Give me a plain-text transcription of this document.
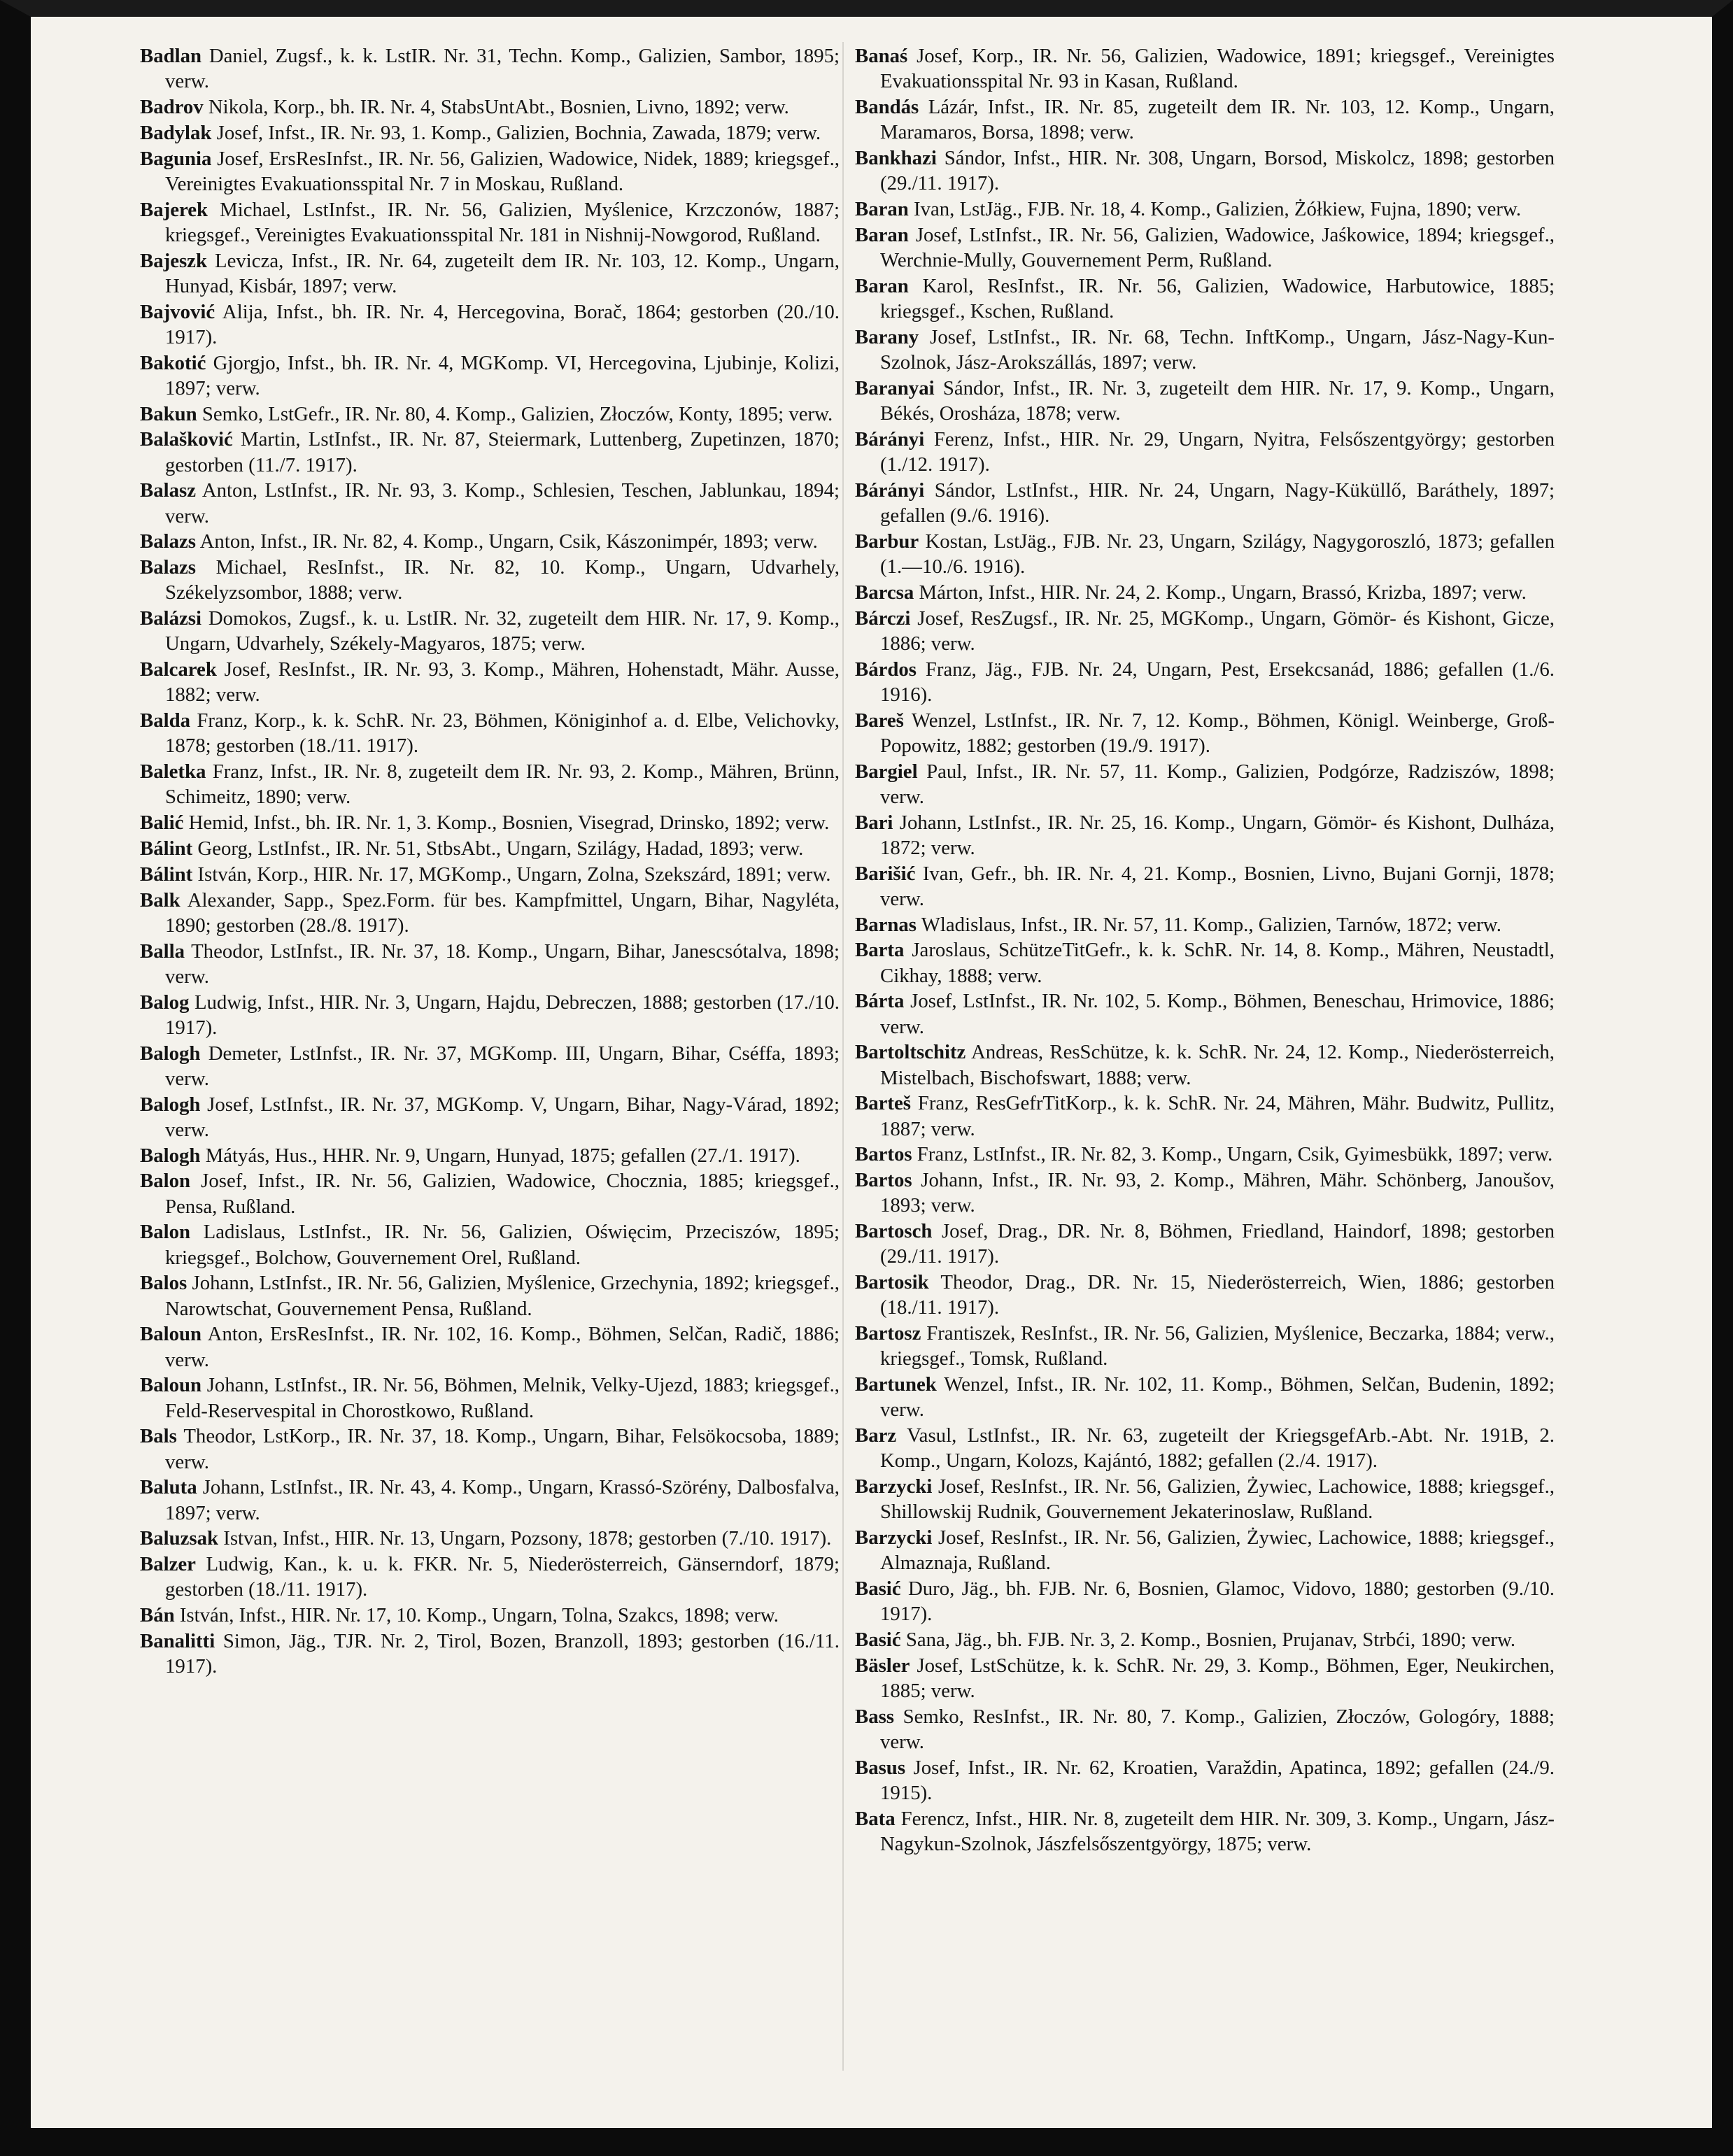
Badlan Daniel, Zugsf., k. k. LstIR. Nr. 31, Techn. Komp., Galizien, Sambor, 1895; verw.

Badrov Nikola, Korp., bh. IR. Nr. 4, StabsUntAbt., Bosnien, Livno, 1892; verw.

Badylak Josef, Infst., IR. Nr. 93, 1. Komp., Galizien, Bochnia, Zawada, 1879; verw.

Bagunia Josef, ErsResInfst., IR. Nr. 56, Galizien, Wadowice, Nidek, 1889; kriegsgef., Vereinigtes Evakuationsspital Nr. 7 in Moskau, Rußland.

Bajerek Michael, LstInfst., IR. Nr. 56, Galizien, Myślenice, Krzczonów, 1887; kriegsgef., Vereinigtes Evakuationsspital Nr. 181 in Nishnij-Nowgorod, Rußland.

Bajeszk Levicza, Infst., IR. Nr. 64, zugeteilt dem IR. Nr. 103, 12. Komp., Ungarn, Hunyad, Kisbár, 1897; verw.

Bajvović Alija, Infst., bh. IR. Nr. 4, Hercegovina, Borač, 1864; gestorben (20./10. 1917).

Bakotić Gjorgjo, Infst., bh. IR. Nr. 4, MGKomp. VI, Hercegovina, Ljubinje, Kolizi, 1897; verw.

Bakun Semko, LstGefr., IR. Nr. 80, 4. Komp., Galizien, Złoczów, Konty, 1895; verw.

Balašković Martin, LstInfst., IR. Nr. 87, Steiermark, Luttenberg, Zupetinzen, 1870; gestorben (11./7. 1917).

Balasz Anton, LstInfst., IR. Nr. 93, 3. Komp., Schlesien, Teschen, Jablunkau, 1894; verw.

Balazs Anton, Infst., IR. Nr. 82, 4. Komp., Ungarn, Csik, Kászonimpér, 1893; verw.

Balazs Michael, ResInfst., IR. Nr. 82, 10. Komp., Ungarn, Udvarhely, Székelyzsombor, 1888; verw.

Balázsi Domokos, Zugsf., k. u. LstIR. Nr. 32, zugeteilt dem HIR. Nr. 17, 9. Komp., Ungarn, Udvarhely, Székely-Magyaros, 1875; verw.

Balcarek Josef, ResInfst., IR. Nr. 93, 3. Komp., Mähren, Hohenstadt, Mähr. Ausse, 1882; verw.

Balda Franz, Korp., k. k. SchR. Nr. 23, Böhmen, Königinhof a. d. Elbe, Velichovky, 1878; gestorben (18./11. 1917).

Baletka Franz, Infst., IR. Nr. 8, zugeteilt dem IR. Nr. 93, 2. Komp., Mähren, Brünn, Schimeitz, 1890; verw.

Balić Hemid, Infst., bh. IR. Nr. 1, 3. Komp., Bosnien, Visegrad, Drinsko, 1892; verw.

Bálint Georg, LstInfst., IR. Nr. 51, StbsAbt., Ungarn, Szilágy, Hadad, 1893; verw.

Bálint István, Korp., HIR. Nr. 17, MGKomp., Ungarn, Zolna, Szekszárd, 1891; verw.

Balk Alexander, Sapp., Spez.Form. für bes. Kampfmittel, Ungarn, Bihar, Nagyléta, 1890; gestorben (28./8. 1917).

Balla Theodor, LstInfst., IR. Nr. 37, 18. Komp., Ungarn, Bihar, Janescsótalva, 1898; verw.

Balog Ludwig, Infst., HIR. Nr. 3, Ungarn, Hajdu, Debreczen, 1888; gestorben (17./10. 1917).

Balogh Demeter, LstInfst., IR. Nr. 37, MGKomp. III, Ungarn, Bihar, Cséffa, 1893; verw.

Balogh Josef, LstInfst., IR. Nr. 37, MGKomp. V, Ungarn, Bihar, Nagy-Várad, 1892; verw.

Balogh Mátyás, Hus., HHR. Nr. 9, Ungarn, Hunyad, 1875; gefallen (27./1. 1917).

Balon Josef, Infst., IR. Nr. 56, Galizien, Wadowice, Chocznia, 1885; kriegsgef., Pensa, Rußland.

Balon Ladislaus, LstInfst., IR. Nr. 56, Galizien, Oświęcim, Przeciszów, 1895; kriegsgef., Bolchow, Gouvernement Orel, Rußland.

Balos Johann, LstInfst., IR. Nr. 56, Galizien, Myślenice, Grzechynia, 1892; kriegsgef., Narowtschat, Gouvernement Pensa, Rußland.

Baloun Anton, ErsResInfst., IR. Nr. 102, 16. Komp., Böhmen, Selčan, Radič, 1886; verw.

Baloun Johann, LstInfst., IR. Nr. 56, Böhmen, Melnik, Velky-Ujezd, 1883; kriegsgef., Feld-Reservespital in Chorostkowo, Rußland.

Bals Theodor, LstKorp., IR. Nr. 37, 18. Komp., Ungarn, Bihar, Felsökocsoba, 1889; verw.

Baluta Johann, LstInfst., IR. Nr. 43, 4. Komp., Ungarn, Krassó-Szörény, Dalbosfalva, 1897; verw.

Baluzsak Istvan, Infst., HIR. Nr. 13, Ungarn, Pozsony, 1878; gestorben (7./10. 1917).

Balzer Ludwig, Kan., k. u. k. FKR. Nr. 5, Niederösterreich, Gänserndorf, 1879; gestorben (18./11. 1917).

Bán István, Infst., HIR. Nr. 17, 10. Komp., Ungarn, Tolna, Szakcs, 1898; verw.

Banalitti Simon, Jäg., TJR. Nr. 2, Tirol, Bozen, Branzoll, 1893; gestorben (16./11. 1917).

Banaś Josef, Korp., IR. Nr. 56, Galizien, Wadowice, 1891; kriegsgef., Vereinigtes Evakuationsspital Nr. 93 in Kasan, Rußland.

Bandás Lázár, Infst., IR. Nr. 85, zugeteilt dem IR. Nr. 103, 12. Komp., Ungarn, Maramaros, Borsa, 1898; verw.

Bankhazi Sándor, Infst., HIR. Nr. 308, Ungarn, Borsod, Miskolcz, 1898; gestorben (29./11. 1917).

Baran Ivan, LstJäg., FJB. Nr. 18, 4. Komp., Galizien, Żółkiew, Fujna, 1890; verw.

Baran Josef, LstInfst., IR. Nr. 56, Galizien, Wadowice, Jaśkowice, 1894; kriegsgef., Werchnie-Mully, Gouvernement Perm, Rußland.

Baran Karol, ResInfst., IR. Nr. 56, Galizien, Wadowice, Harbutowice, 1885; kriegsgef., Kschen, Rußland.

Barany Josef, LstInfst., IR. Nr. 68, Techn. InftKomp., Ungarn, Jász-Nagy-Kun-Szolnok, Jász-Arokszállás, 1897; verw.

Baranyai Sándor, Infst., IR. Nr. 3, zugeteilt dem HIR. Nr. 17, 9. Komp., Ungarn, Békés, Orosháza, 1878; verw.

Bárányi Ferenz, Infst., HIR. Nr. 29, Ungarn, Nyitra, Felsőszentgyörgy; gestorben (1./12. 1917).

Bárányi Sándor, LstInfst., HIR. Nr. 24, Ungarn, Nagy-Küküllő, Baráthely, 1897; gefallen (9./6. 1916).

Barbur Kostan, LstJäg., FJB. Nr. 23, Ungarn, Szilágy, Nagygoroszló, 1873; gefallen (1.—10./6. 1916).

Barcsa Márton, Infst., HIR. Nr. 24, 2. Komp., Ungarn, Brassó, Krizba, 1897; verw.

Bárczi Josef, ResZugsf., IR. Nr. 25, MGKomp., Ungarn, Gömör- és Kishont, Gicze, 1886; verw.

Bárdos Franz, Jäg., FJB. Nr. 24, Ungarn, Pest, Ersekcsanád, 1886; gefallen (1./6. 1916).

Bareš Wenzel, LstInfst., IR. Nr. 7, 12. Komp., Böhmen, Königl. Weinberge, Groß-Popowitz, 1882; gestorben (19./9. 1917).

Bargiel Paul, Infst., IR. Nr. 57, 11. Komp., Galizien, Podgórze, Radziszów, 1898; verw.

Bari Johann, LstInfst., IR. Nr. 25, 16. Komp., Ungarn, Gömör- és Kishont, Dulháza, 1872; verw.

Barišić Ivan, Gefr., bh. IR. Nr. 4, 21. Komp., Bosnien, Livno, Bujani Gornji, 1878; verw.

Barnas Wladislaus, Infst., IR. Nr. 57, 11. Komp., Galizien, Tarnów, 1872; verw.

Barta Jaroslaus, SchützeTitGefr., k. k. SchR. Nr. 14, 8. Komp., Mähren, Neustadtl, Cikhay, 1888; verw.

Bárta Josef, LstInfst., IR. Nr. 102, 5. Komp., Böhmen, Beneschau, Hrimovice, 1886; verw.

Bartoltschitz Andreas, ResSchütze, k. k. SchR. Nr. 24, 12. Komp., Niederösterreich, Mistelbach, Bischofswart, 1888; verw.

Barteš Franz, ResGefrTitKorp., k. k. SchR. Nr. 24, Mähren, Mähr. Budwitz, Pullitz, 1887; verw.

Bartos Franz, LstInfst., IR. Nr. 82, 3. Komp., Ungarn, Csik, Gyimesbükk, 1897; verw.

Bartos Johann, Infst., IR. Nr. 93, 2. Komp., Mähren, Mähr. Schönberg, Janoušov, 1893; verw.

Bartosch Josef, Drag., DR. Nr. 8, Böhmen, Friedland, Haindorf, 1898; gestorben (29./11. 1917).

Bartosik Theodor, Drag., DR. Nr. 15, Niederösterreich, Wien, 1886; gestorben (18./11. 1917).

Bartosz Frantiszek, ResInfst., IR. Nr. 56, Galizien, Myślenice, Beczarka, 1884; verw., kriegsgef., Tomsk, Rußland.

Bartunek Wenzel, Infst., IR. Nr. 102, 11. Komp., Böhmen, Selčan, Budenin, 1892; verw.

Barz Vasul, LstInfst., IR. Nr. 63, zugeteilt der KriegsgefArb.-Abt. Nr. 191B, 2. Komp., Ungarn, Kolozs, Kajántó, 1882; gefallen (2./4. 1917).

Barzycki Josef, ResInfst., IR. Nr. 56, Galizien, Żywiec, Lachowice, 1888; kriegsgef., Shillowskij Rudnik, Gouvernement Jekaterinoslaw, Rußland.

Barzycki Josef, ResInfst., IR. Nr. 56, Galizien, Żywiec, Lachowice, 1888; kriegsgef., Almaznaja, Rußland.

Basić Duro, Jäg., bh. FJB. Nr. 6, Bosnien, Glamoc, Vidovo, 1880; gestorben (9./10. 1917).

Basić Sana, Jäg., bh. FJB. Nr. 3, 2. Komp., Bosnien, Prujanav, Strbći, 1890; verw.

Bäsler Josef, LstSchütze, k. k. SchR. Nr. 29, 3. Komp., Böhmen, Eger, Neukirchen, 1885; verw.

Bass Semko, ResInfst., IR. Nr. 80, 7. Komp., Galizien, Złoczów, Gologóry, 1888; verw.

Basus Josef, Infst., IR. Nr. 62, Kroatien, Varaždin, Apatinca, 1892; gefallen (24./9. 1915).

Bata Ferencz, Infst., HIR. Nr. 8, zugeteilt dem HIR. Nr. 309, 3. Komp., Ungarn, Jász-Nagykun-Szolnok, Jászfelsőszentgyörgy, 1875; verw.
